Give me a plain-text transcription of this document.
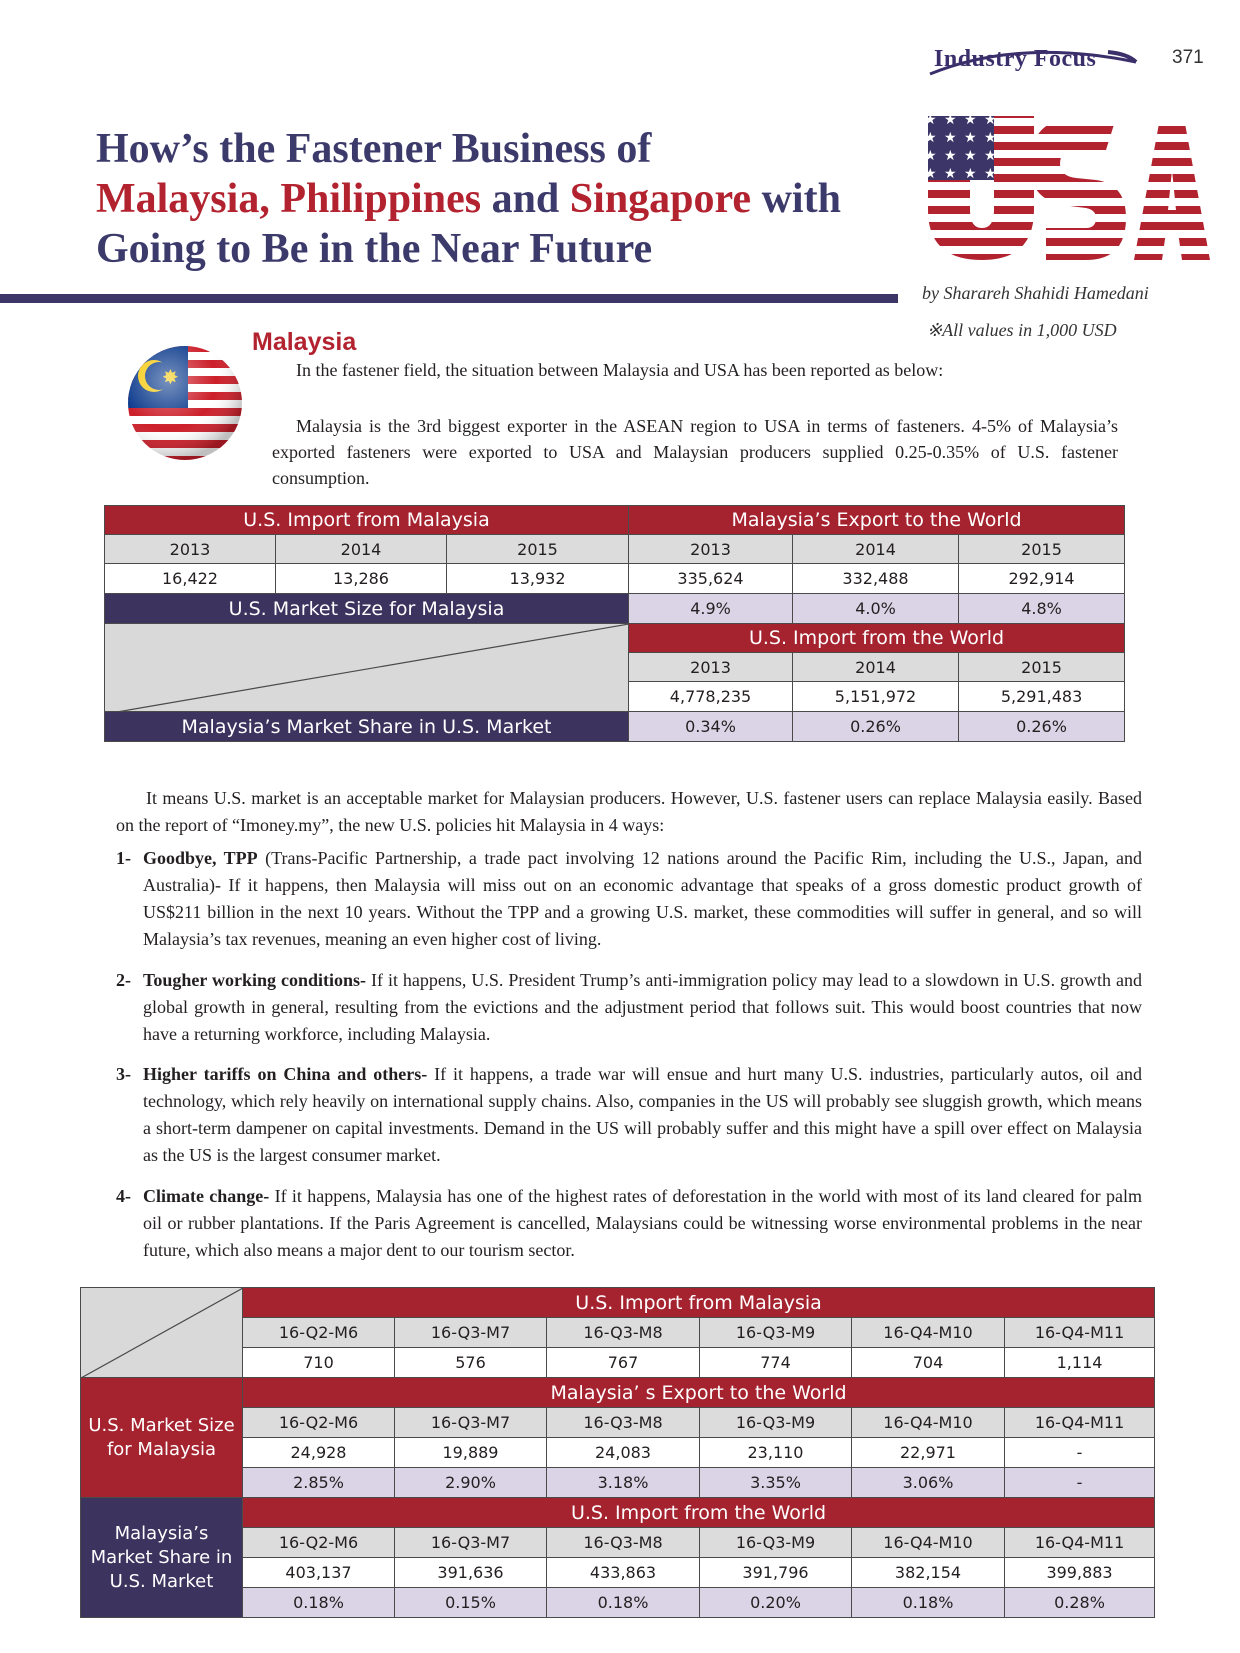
Industry Focus	371
How’s the Fastener Business of
Malaysia, Philippines and Singapore with
Going to Be in the Near Future
by Sharareh Shahidi Hamedani
※All values in 1,000 USD
Malaysia
In the fastener field, the situation between Malaysia and USA has been reported as below:
Malaysia is the 3rd biggest exporter in the ASEAN region to USA in terms of fasteners. 4-5% of Malaysia’s exported fasteners were exported to USA and Malaysian producers supplied 0.25-0.35% of U.S. fastener consumption.
U.S. Import from Malaysia			Malaysia’s Export to the World		
2013	2014	2015	2013	2014	2015
16,422	13,286	13,932	335,624	332,488	292,914
U.S. Market Size for Malaysia			4.9%	4.0%	4.8%

	U.S. Import from the World		
			2013	2014	2015
			4,778,235	5,151,972	5,291,483
Malaysia’s Market Share in U.S. Market			0.34%	0.26%	0.26%
It means U.S. market is an acceptable market for Malaysian producers. However, U.S. fastener users can replace Malaysia easily. Based on the report of “Imoney.my”, the new U.S. policies hit Malaysia in 4 ways:
1- Goodbye, TPP (Trans-Pacific Partnership, a trade pact involving 12 nations around the Pacific Rim, including the U.S., Japan, and Australia)- If it happens, then Malaysia will miss out on an economic advantage that speaks of a gross domestic product growth of US$211 billion in the next 10 years. Without the TPP and a growing U.S. market, these commodities will suffer in general, and so will Malaysia’s tax revenues, meaning an even higher cost of living.
2- Tougher working conditions- If it happens, U.S. President Trump’s anti-immigration policy may lead to a slowdown in U.S. growth and global growth in general, resulting from the evictions and the adjustment period that follows suit. This would boost countries that now have a returning workforce, including Malaysia.
3- Higher tariffs on China and others- If it happens, a trade war will ensue and hurt many U.S. industries, particularly autos, oil and technology, which rely heavily on international supply chains. Also, companies in the US will probably see sluggish growth, which means a short-term dampener on capital investments. Demand in the US will probably suffer and this might have a spill over effect on Malaysia as the US is the largest consumer market.
4- Climate change- If it happens, Malaysia has one of the highest rates of deforestation in the world with most of its land cleared for palm oil or rubber plantations. If the Paris Agreement is cancelled, Malaysians could be witnessing worse environmental problems in the near future, which also means a major dent to our tourism sector.
	U.S. Import from Malaysia					
	16-Q2-M6	16-Q3-M7	16-Q3-M8	16-Q3-M9	16-Q4-M10	16-Q4-M11
	710	576	767	774	704	1,114
U.S. Market Size for Malaysia	Malaysia’ s Export to the World					
	16-Q2-M6	16-Q3-M7	16-Q3-M8	16-Q3-M9	16-Q4-M10	16-Q4-M11
	24,928	19,889	24,083	23,110	22,971	-
	2.85%	2.90%	3.18%	3.35%	3.06%	-
Malaysia’s Market Share in U.S. Market	U.S. Import from the World					
	16-Q2-M6	16-Q3-M7	16-Q3-M8	16-Q3-M9	16-Q4-M10	16-Q4-M11
	403,137	391,636	433,863	391,796	382,154	399,883
	0.18%	0.15%	0.18%	0.20%	0.18%	0.28%
